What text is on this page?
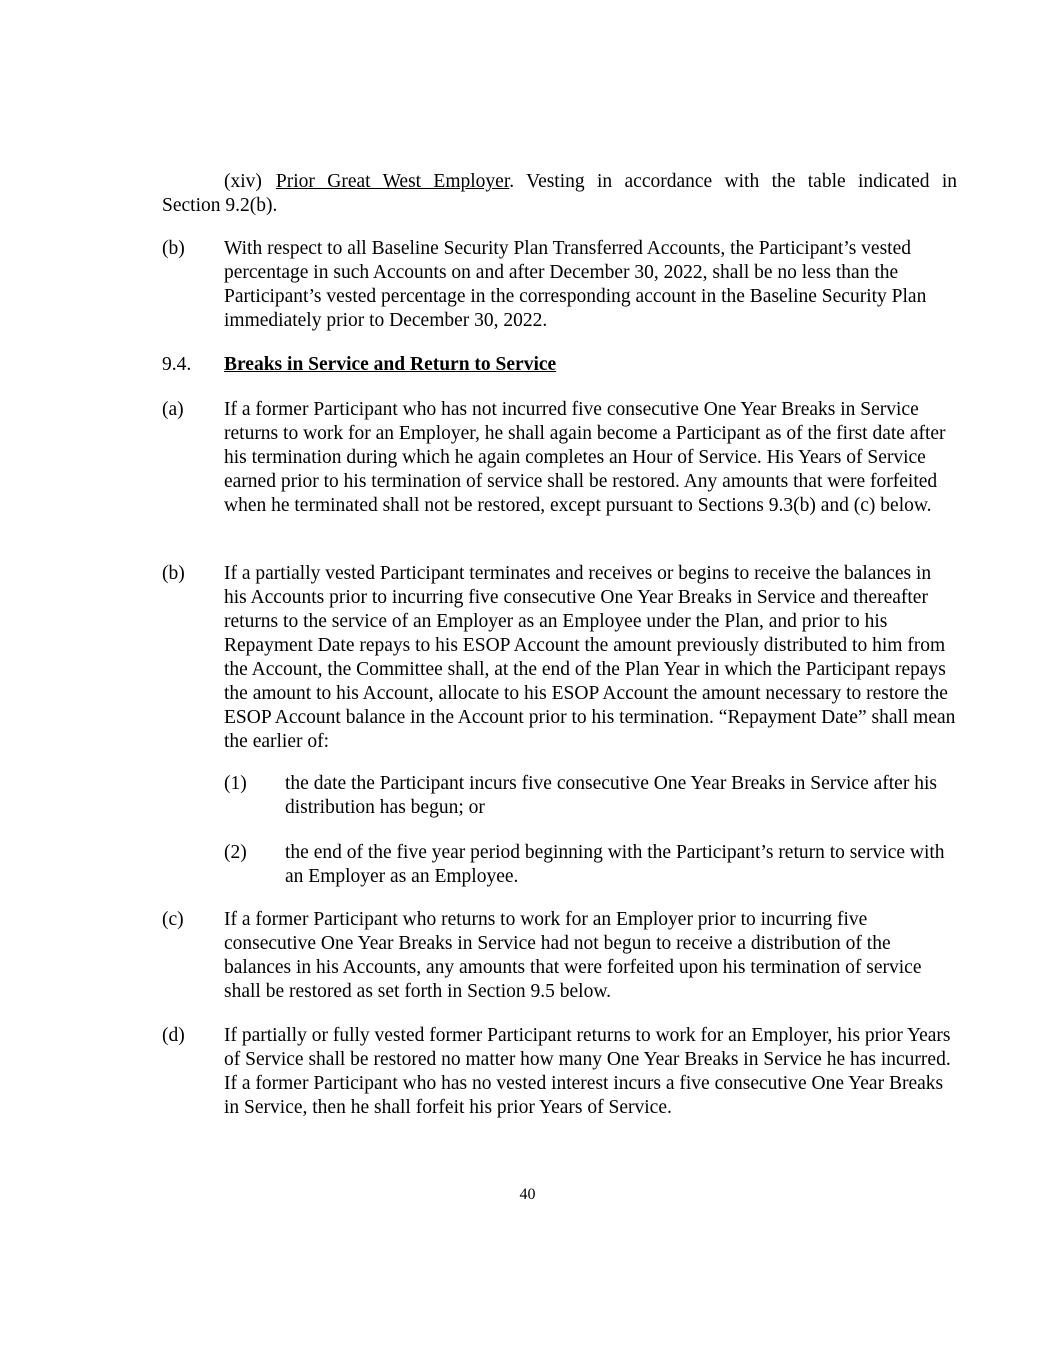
(xiv) Prior Great West Employer. Vesting in accordance with the table indicated in
Section 9.2(b).
(b)	With respect to all Baseline Security Plan Transferred Accounts, the Participant’s vested percentage in such Accounts on and after December 30, 2022, shall be no less than the Participant’s vested percentage in the corresponding account in the Baseline Security Plan immediately prior to December 30, 2022.
9.4.	Breaks in Service and Return to Service
(a)	If a former Participant who has not incurred five consecutive One Year Breaks in Service returns to work for an Employer, he shall again become a Participant as of the first date after his termination during which he again completes an Hour of Service. His Years of Service earned prior to his termination of service shall be restored. Any amounts that were forfeited when he terminated shall not be restored, except pursuant to Sections 9.3(b) and (c) below.
(b)	If a partially vested Participant terminates and receives or begins to receive the balances in his Accounts prior to incurring five consecutive One Year Breaks in Service and thereafter returns to the service of an Employer as an Employee under the Plan, and prior to his Repayment Date repays to his ESOP Account the amount previously distributed to him from the Account, the Committee shall, at the end of the Plan Year in which the Participant repays the amount to his Account, allocate to his ESOP Account the amount necessary to restore the ESOP Account balance in the Account prior to his termination. “Repayment Date” shall mean the earlier of:
(1)	the date the Participant incurs five consecutive One Year Breaks in Service after his distribution has begun; or
(2)	the end of the five year period beginning with the Participant’s return to service with an Employer as an Employee.
(c)	If a former Participant who returns to work for an Employer prior to incurring five consecutive One Year Breaks in Service had not begun to receive a distribution of the balances in his Accounts, any amounts that were forfeited upon his termination of service shall be restored as set forth in Section 9.5 below.
(d)	If partially or fully vested former Participant returns to work for an Employer, his prior Years of Service shall be restored no matter how many One Year Breaks in Service he has incurred. If a former Participant who has no vested interest incurs a five consecutive One Year Breaks in Service, then he shall forfeit his prior Years of Service.
40
